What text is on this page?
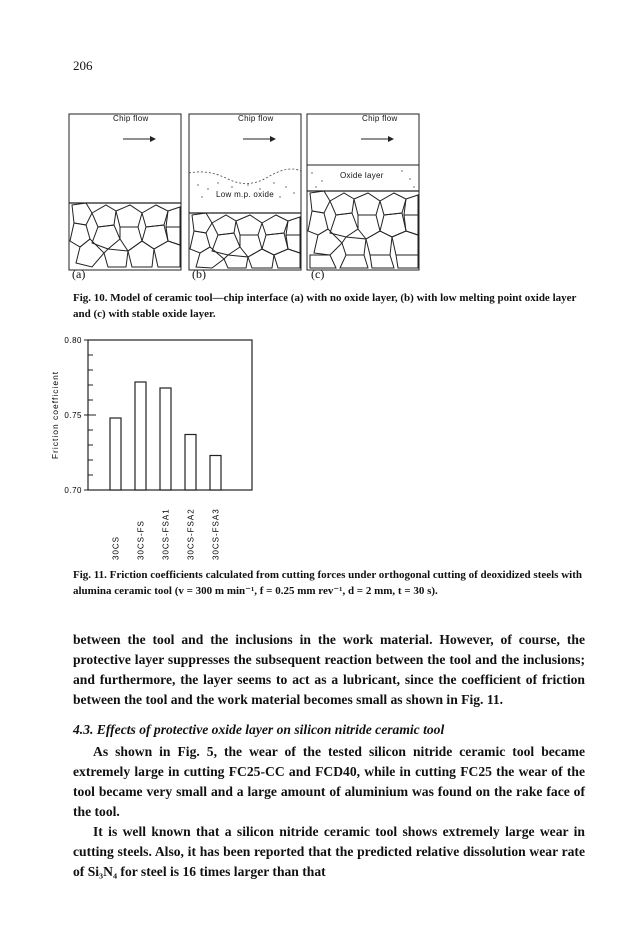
206
Chip flow	Chip flow
Low m.p. oxide
Chip flow
Oxide layer
(a)	(b)	(c)
Fig. 10. Model of ceramic tool—chip interface (a) with no oxide layer, (b) with low melting point oxide layer and (c) with stable oxide layer.
0.70
0.75
0.80
Friction coefficient
30CS 30CS-FS 30CS-FSA1 30CS-FSA2 30CS-FSA3
Fig. 11. Friction coefficients calculated from cutting forces under orthogonal cutting of deoxidized steels with alumina ceramic tool (v = 300 m min⁻¹, f = 0.25 mm rev⁻¹, d = 2 mm, t = 30 s).

between the tool and the inclusions in the work material. However, of course, the protective layer suppresses the subsequent reaction between the tool and the inclusions; and furthermore, the layer seems to act as a lubricant, since the coefficient of friction between the tool and the work material becomes small as shown in Fig. 11.

4.3. Effects of protective oxide layer on silicon nitride ceramic tool

As shown in Fig. 5, the wear of the tested silicon nitride ceramic tool became extremely large in cutting FC25-CC and FCD40, while in cutting FC25 the wear of the tool became very small and a large amount of aluminium was found on the rake face of the tool.

It is well known that a silicon nitride ceramic tool shows extremely large wear in cutting steels. Also, it has been reported that the predicted relative dissolution wear rate of Si₃N₄ for steel is 16 times larger than that
